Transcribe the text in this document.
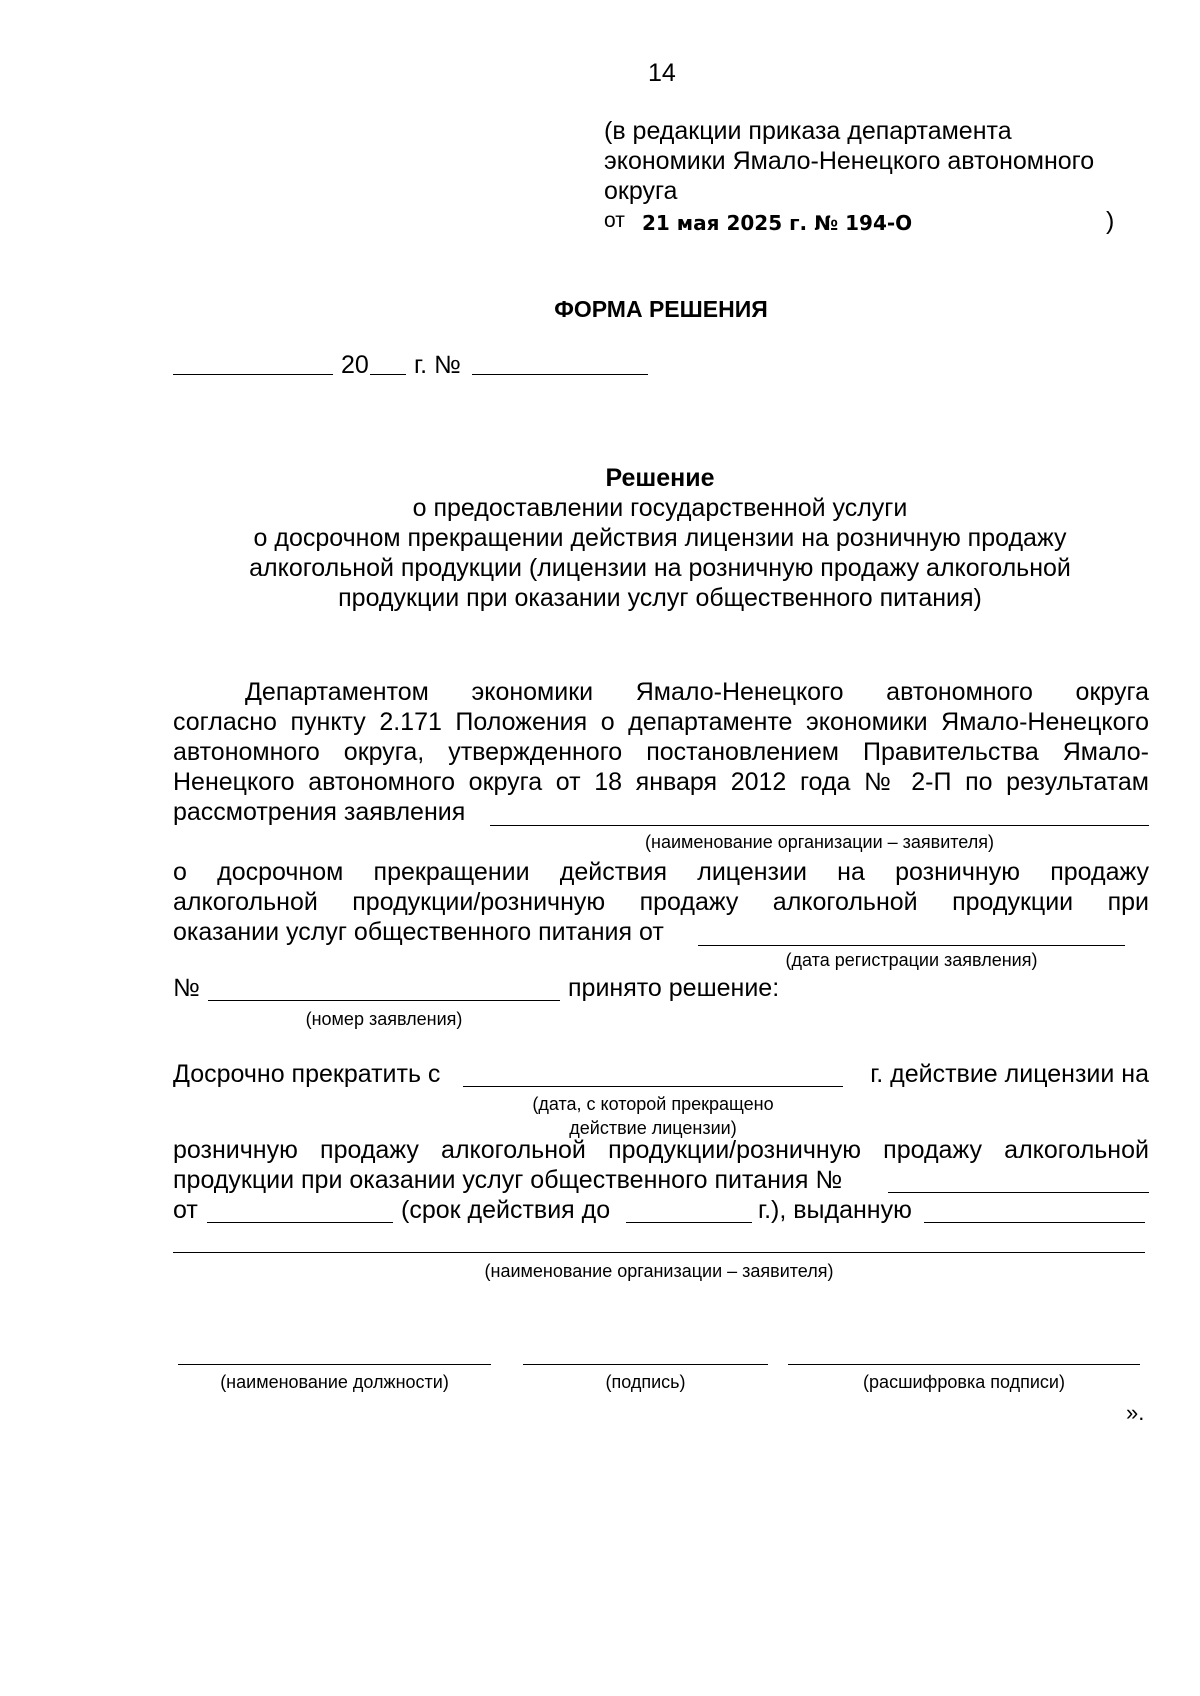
14
(в редакции приказа департамента
экономики Ямало-Ненецкого автономного
округа
от 21 мая 2025 г. № 194-О	)
ФОРМА РЕШЕНИЯ
20 г. №
Решение
о предоставлении государственной услуги
о досрочном прекращении действия лицензии на розничную продажу
алкогольной продукции (лицензии на розничную продажу алкогольной
продукции при оказании услуг общественного питания)
Департаментом экономики Ямало-Ненецкого автономного округа
согласно пункту 2.171 Положения о департаменте экономики Ямало-Ненецкого
автономного округа, утвержденного постановлением Правительства Ямало-
Ненецкого автономного округа от 18 января 2012 года № 2-П по результатам
рассмотрения заявления
(наименование организации – заявителя)
о досрочном прекращении действия лицензии на розничную продажу
алкогольной продукции/розничную продажу алкогольной продукции при
оказании услуг общественного питания от
(дата регистрации заявления)
№	принято решение:
(номер заявления)
Досрочно прекратить с	г. действие лицензии на
(дата, с которой прекращено
действие лицензии)
розничную продажу алкогольной продукции/розничную продажу алкогольной
продукции при оказании услуг общественного питания №
от	(срок действия до	г.), выданную
(наименование организации – заявителя)
(наименование должности)	(подпись)	(расшифровка подписи)
».
